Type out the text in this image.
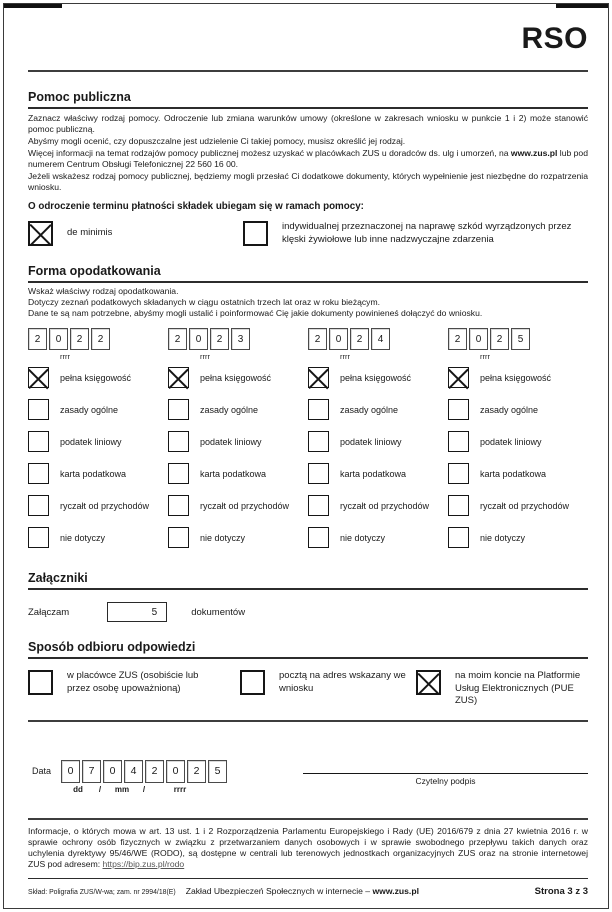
RSO
Pomoc publiczna

Zaznacz właściwy rodzaj pomocy. Odroczenie lub zmiana warunków umowy (określone w zakresach wniosku w punkcie 1 i 2) może stanowić pomoc publiczną.

Abyśmy mogli ocenić, czy dopuszczalne jest udzielenie Ci takiej pomocy, musisz określić jej rodzaj.

Więcej informacji na temat rodzajów pomocy publicznej możesz uzyskać w placówkach ZUS u doradców ds. ulg i umorzeń, na www.zus.pl lub pod numerem Centrum Obsługi Telefonicznej 22 560 16 00.

Jeżeli wskażesz rodzaj pomocy publicznej, będziemy mogli przesłać Ci dodatkowe dokumenty, których wypełnienie jest niezbędne do rozpatrzenia wniosku.

O odroczenie terminu płatności składek ubiegam się w ramach pomocy:
de minimis
indywidualnej przeznaczonej na naprawę szkód wyrządzonych przez klęski żywiołowe lub inne nadzwyczajne zdarzenia
Forma opodatkowania

Wskaż właściwy rodzaj opodatkowania.

Dotyczy zeznań podatkowych składanych w ciągu ostatnich trzech lat oraz w roku bieżącym.

Dane te są nam potrzebne, abyśmy mogli ustalić i poinformować Cię jakie dokumenty powinieneś dołączyć do wniosku.

2	0	2	2
rrrr
pełna księgowość
zasady ogólne
podatek liniowy
karta podatkowa
ryczałt od przychodów
nie dotyczy
2	0	2	3
rrrr
pełna księgowość
zasady ogólne
podatek liniowy
karta podatkowa
ryczałt od przychodów
nie dotyczy
2	0	2	4
rrrr
pełna księgowość
zasady ogólne
podatek liniowy
karta podatkowa
ryczałt od przychodów
nie dotyczy
2	0	2	5
rrrr
pełna księgowość
zasady ogólne
podatek liniowy
karta podatkowa
ryczałt od przychodów
nie dotyczy
Załączniki
Załączam	5	dokumentów
Sposób odbioru odpowiedzi
w placówce ZUS (osobiście lub przez osobę upoważnioną)
pocztą na adres wskazany we wniosku
na moim koncie na Platformie Usług Elektronicznych (PUE ZUS)
Data	0	7	0	4	2	0	2	5
dd	/	mm	/	rrrr
Czytelny podpis

Informacje, o których mowa w art. 13 ust. 1 i 2 Rozporządzenia Parlamentu Europejskiego i Rady (UE) 2016/679 z dnia 27 kwietnia 2016 r. w sprawie ochrony osób fizycznych w związku z przetwarzaniem danych osobowych i w sprawie swobodnego przepływu takich danych oraz uchylenia dyrektywy 95/46/WE (RODO), są dostępne w centrali lub terenowych jednostkach organizacyjnych ZUS oraz na stronie internetowej ZUS pod adresem: https://bip.zus.pl/rodo

Skład: Poligrafia ZUS/W-wa; zam. nr 2994/18(E) Zakład Ubezpieczeń Społecznych w internecie – www.zus.pl	Strona 3 z 3
